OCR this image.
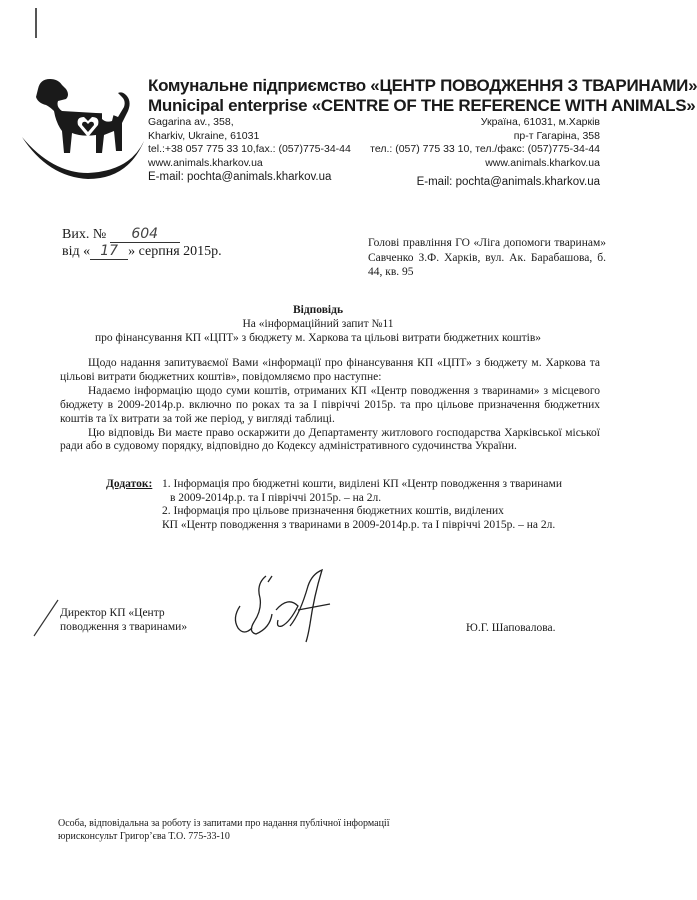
Комунальне підприємство «ЦЕНТР ПОВОДЖЕННЯ З ТВАРИНАМИ»
Municipal enterprise «CENTRE OF THE REFERENCE WITH ANIMALS»
Gagarina av., 358,
Kharkiv, Ukraine, 61031
tel.:+38 057 775 33 10,fax.: (057)775-34-44
www.animals.kharkov.ua
E-mail: pochta@animals.kharkov.ua
Україна, 61031, м.Харків
пр-т Гагаріна, 358
тел.: (057) 775 33 10, тел./факс: (057)775-34-44
www.animals.kharkov.ua
E-mail: pochta@animals.kharkov.ua
Вих. № 604
від « 17 » серпня 2015р.
Голові правління ГО «Ліга допомоги тваринам» Савченко З.Ф. Харків, вул. Ак. Барабашова, б. 44, кв. 95
Відповідь
На «інформаційний запит №11
про фінансування КП «ЦПТ» з бюджету м. Харкова та цільові витрати бюджетних коштів»

Щодо надання запитуваємої Вами «інформації про фінансування КП «ЦПТ» з бюджету м. Харкова та цільові витрати бюджетних коштів», повідомляємо про наступне:

Надаємо інформацію щодо суми коштів, отриманих КП «Центр поводження з тваринами» з місцевого бюджету в 2009-2014р.р. включно по роках та за І півріччі 2015р. та про цільове призначення бюджетних коштів та їх витрати за той же період, у вигляді таблиці.

Цю відповідь Ви маєте право оскаржити до Департаменту житлового господарства Харківської міської ради або в судовому порядку, відповідно до Кодексу адміністративного судочинства України.

Додаток: 1. Інформація про бюджетні кошти, виділені КП «Центр поводження з тваринами
в 2009-2014р.р. та І півріччі 2015р. – на 2л.
2. Інформація про цільове призначення бюджетних коштів, виділених
КП «Центр поводження з тваринами в 2009-2014р.р. та І півріччі 2015р. – на 2л.
Директор КП «Центр
поводження з тваринами»	Ю.Г. Шаповалова.
Особа, відповідальна за роботу із запитами про надання публічної інформації
юрисконсульт Григор’єва Т.О. 775-33-10
